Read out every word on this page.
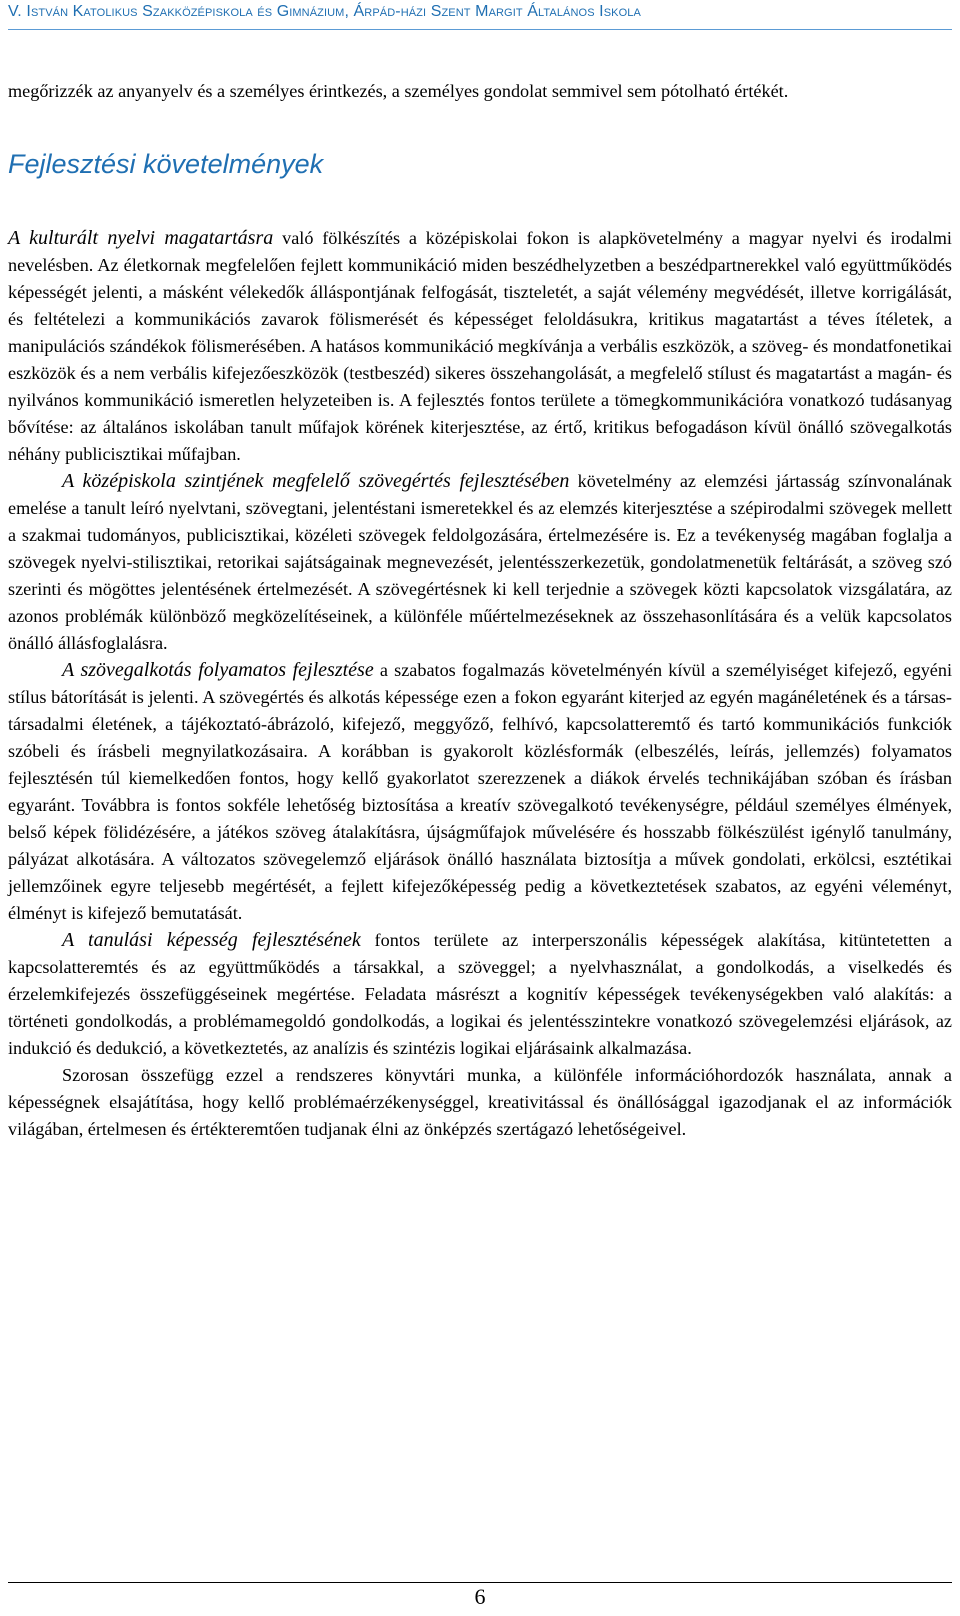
V. István Katolikus Szakközépiskola és Gimnázium, Árpád-házi Szent Margit Általános Iskola

megőrizzék az anyanyelv és a személyes érintkezés, a személyes gondolat semmivel sem pótolható értékét.

Fejlesztési követelmények

A kulturált nyelvi magatartásra való fölkészítés a középiskolai fokon is alapkövetelmény a magyar nyelvi és irodalmi nevelésben. Az életkornak megfelelően fejlett kommunikáció miden beszédhelyzetben a beszédpartnerekkel való együttműködés képességét jelenti, a másként vélekedők álláspontjának felfogását, tiszteletét, a saját vélemény megvédését, illetve korrigálását, és feltételezi a kommunikációs zavarok fölismerését és képességet feloldásukra, kritikus magatartást a téves ítéletek, a manipulációs szándékok fölismerésében. A hatásos kommunikáció megkívánja a verbális eszközök, a szöveg- és mondatfonetikai eszközök és a nem verbális kifejezőeszközök (testbeszéd) sikeres összehangolását, a megfelelő stílust és magatartást a magán- és nyilvános kommunikáció ismeretlen helyzeteiben is. A fejlesztés fontos területe a tömegkommunikációra vonatkozó tudásanyag bővítése: az általános iskolában tanult műfajok körének kiterjesztése, az értő, kritikus befogadáson kívül önálló szövegalkotás néhány publicisztikai műfajban.

A középiskola szintjének megfelelő szövegértés fejlesztésében követelmény az elemzési jártasság színvonalának emelése a tanult leíró nyelvtani, szövegtani, jelentéstani ismeretekkel és az elemzés kiterjesztése a szépirodalmi szövegek mellett a szakmai tudományos, publicisztikai, közéleti szövegek feldolgozására, értelmezésére is. Ez a tevékenység magában foglalja a szövegek nyelvi-stilisztikai, retorikai sajátságainak megnevezését, jelentésszerkezetük, gondolatmenetük feltárását, a szöveg szó szerinti és mögöttes jelentésének értelmezését. A szövegértésnek ki kell terjednie a szövegek közti kapcsolatok vizsgálatára, az azonos problémák különböző megközelítéseinek, a különféle műértelmezéseknek az összehasonlítására és a velük kapcsolatos önálló állásfoglalásra.

A szövegalkotás folyamatos fejlesztése a szabatos fogalmazás követelményén kívül a személyiséget kifejező, egyéni stílus bátorítását is jelenti. A szövegértés és alkotás képessége ezen a fokon egyaránt kiterjed az egyén magánéletének és a társas-társadalmi életének, a tájékoztató-ábrázoló, kifejező, meggyőző, felhívó, kapcsolatteremtő és tartó kommunikációs funkciók szóbeli és írásbeli megnyilatkozásaira. A korábban is gyakorolt közlésformák (elbeszélés, leírás, jellemzés) folyamatos fejlesztésén túl kiemelkedően fontos, hogy kellő gyakorlatot szerezzenek a diákok érvelés technikájában szóban és írásban egyaránt. Továbbra is fontos sokféle lehetőség biztosítása a kreatív szövegalkotó tevékenységre, például személyes élmények, belső képek fölidézésére, a játékos szöveg átalakításra, újságműfajok művelésére és hosszabb fölkészülést igénylő tanulmány, pályázat alkotására. A változatos szövegelemző eljárások önálló használata biztosítja a művek gondolati, erkölcsi, esztétikai jellemzőinek egyre teljesebb megértését, a fejlett kifejezőképesség pedig a következtetések szabatos, az egyéni véleményt, élményt is kifejező bemutatását.

A tanulási képesség fejlesztésének fontos területe az interperszonális képességek alakítása, kitüntetetten a kapcsolatteremtés és az együttműködés a társakkal, a szöveggel; a nyelvhasználat, a gondolkodás, a viselkedés és érzelemkifejezés összefüggéseinek megértése. Feladata másrészt a kognitív képességek tevékenységekben való alakítás: a történeti gondolkodás, a problémamegoldó gondolkodás, a logikai és jelentésszintekre vonatkozó szövegelemzési eljárások, az indukció és dedukció, a következtetés, az analízis és szintézis logikai eljárásaink alkalmazása.

Szorosan összefügg ezzel a rendszeres könyvtári munka, a különféle információhordozók használata, annak a képességnek elsajátítása, hogy kellő problémaérzékenységgel, kreativitással és önállósággal igazodjanak el az információk világában, értelmesen és értékteremtően tudjanak élni az önképzés szertágazó lehetőségeivel.

6
